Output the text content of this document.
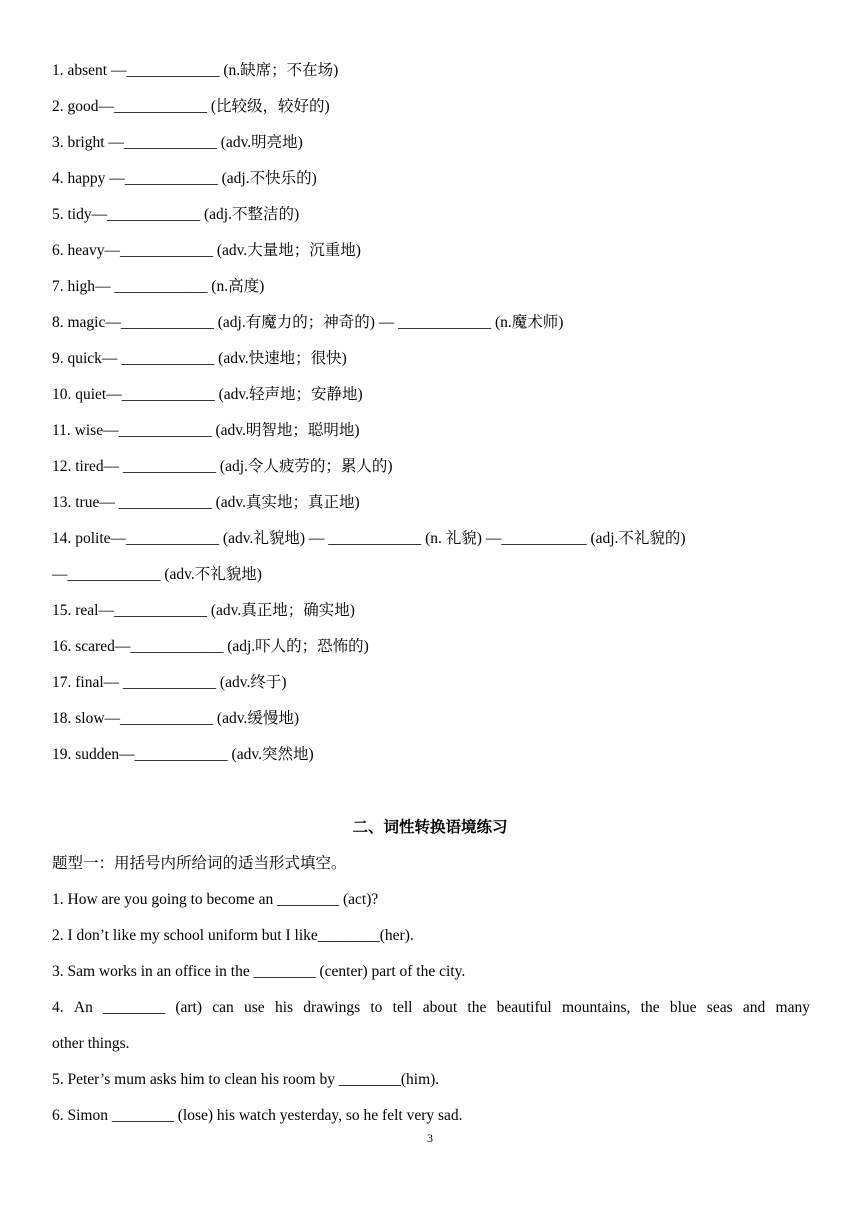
1. absent —____________ (n.缺席；不在场)
2. good—____________ (比较级，较好的)
3. bright —____________ (adv.明亮地)
4. happy —____________ (adj.不快乐的)
5. tidy—____________ (adj.不整洁的)
6. heavy—____________ (adv.大量地；沉重地)
7. high— ____________ (n.高度)
8. magic—____________ (adj.有魔力的；神奇的) — ____________ (n.魔术师)
9. quick— ____________ (adv.快速地；很快)
10. quiet—____________ (adv.轻声地；安静地)
11. wise—____________ (adv.明智地；聪明地)
12. tired— ____________ (adj.令人疲劳的；累人的)
13. true— ____________ (adv.真实地；真正地)
14. polite—____________ (adv.礼貌地) — ____________ (n. 礼貌) —___________ (adj.不礼貌的)
—____________ (adv.不礼貌地)
15. real—____________ (adv.真正地；确实地)
16. scared—____________ (adj.吓人的；恐怖的)
17. final— ____________ (adv.终于)
18. slow—____________ (adv.缓慢地)
19. sudden—____________ (adv.突然地)
二、词性转换语境练习
题型一：用括号内所给词的适当形式填空。
1. How are you going to become an ________ (act)?
2. I don’t like my school uniform but I like________(her).
3. Sam works in an office in the ________ (center) part of the city.
4. An ________ (art) can use his drawings to tell about the beautiful mountains, the blue seas and many
other things.
5. Peter’s mum asks him to clean his room by ________(him).
6. Simon ________ (lose) his watch yesterday, so he felt very sad.
3
